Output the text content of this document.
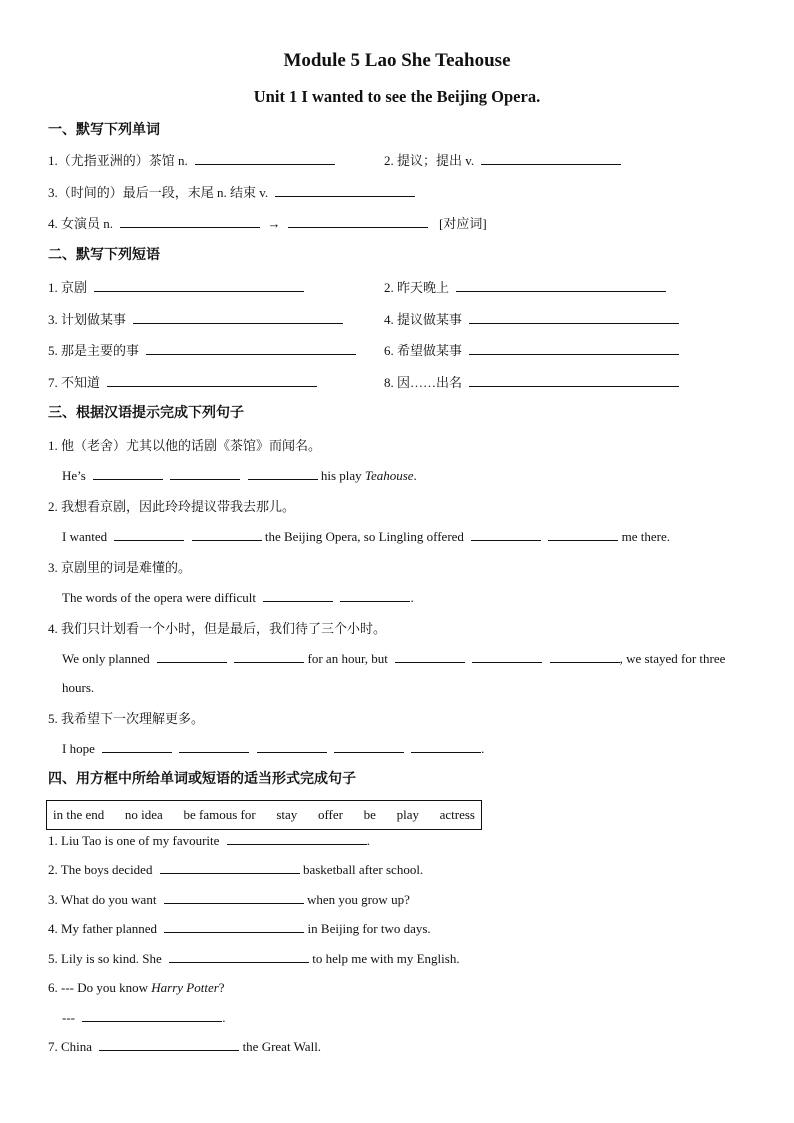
Module 5 Lao She Teahouse
Unit 1 I wanted to see the Beijing Opera.
一、默写下列单词
1.（尤指亚洲的）茶馆 n.	2. 提议；提出 v.
3.（时间的）最后一段，末尾 n. 结束 v.
4. 女演员 n.	→	[对应词]
二、默写下列短语
1. 京剧	2. 昨天晚上
3. 计划做某事	4. 提议做某事
5. 那是主要的事	6. 希望做某事
7. 不知道	8. 因……出名
三、根据汉语提示完成下列句子
1. 他（老舍）尤其以他的话剧《茶馆》而闻名。
He’s	his play Teahouse.
2. 我想看京剧，因此玲玲提议带我去那儿。
I wanted	the Beijing Opera, so Lingling offered	me there.
3. 京剧里的词是难懂的。
The words of the opera were difficult	.
4. 我们只计划看一个小时，但是最后，我们待了三个小时。
We only planned	for an hour, but	, we stayed for three
hours.
5. 我希望下一次理解更多。
I hope	.
四、用方框中所给单词或短语的适当形式完成句子
in the end no idea be famous for stay offer be play actress
1. Liu Tao is one of my favourite	.
2. The boys decided	basketball after school.
3. What do you want	when you grow up?
4. My father planned	in Beijing for two days.
5. Lily is so kind. She	to help me with my English.
6. --- Do you know Harry Potter?
---	.
7. China	the Great Wall.
